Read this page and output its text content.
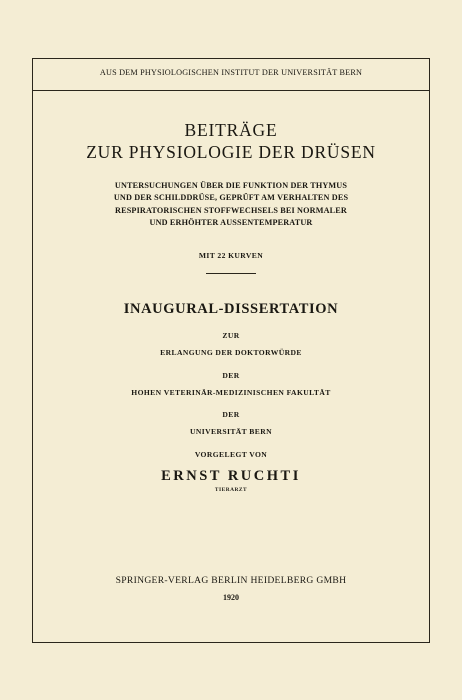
AUS DEM PHYSIOLOGISCHEN INSTITUT DER UNIVERSITÄT BERN
BEITRÄGE
ZUR PHYSIOLOGIE DER DRÜSEN
UNTERSUCHUNGEN ÜBER DIE FUNKTION DER THYMUS
UND DER SCHILDDRÜSE, GEPRÜFT AM VERHALTEN DES
RESPIRATORISCHEN STOFFWECHSELS BEI NORMALER
UND ERHÖHTER AUSSENTEMPERATUR
MIT 22 KURVEN
INAUGURAL-DISSERTATION
ZUR
ERLANGUNG DER DOKTORWÜRDE
DER
HOHEN VETERINÄR-MEDIZINISCHEN FAKULTÄT
DER
UNIVERSITÄT BERN
VORGELEGT VON
ERNST RUCHTI
TIERARZT
SPRINGER-VERLAG BERLIN HEIDELBERG GMBH
1920
